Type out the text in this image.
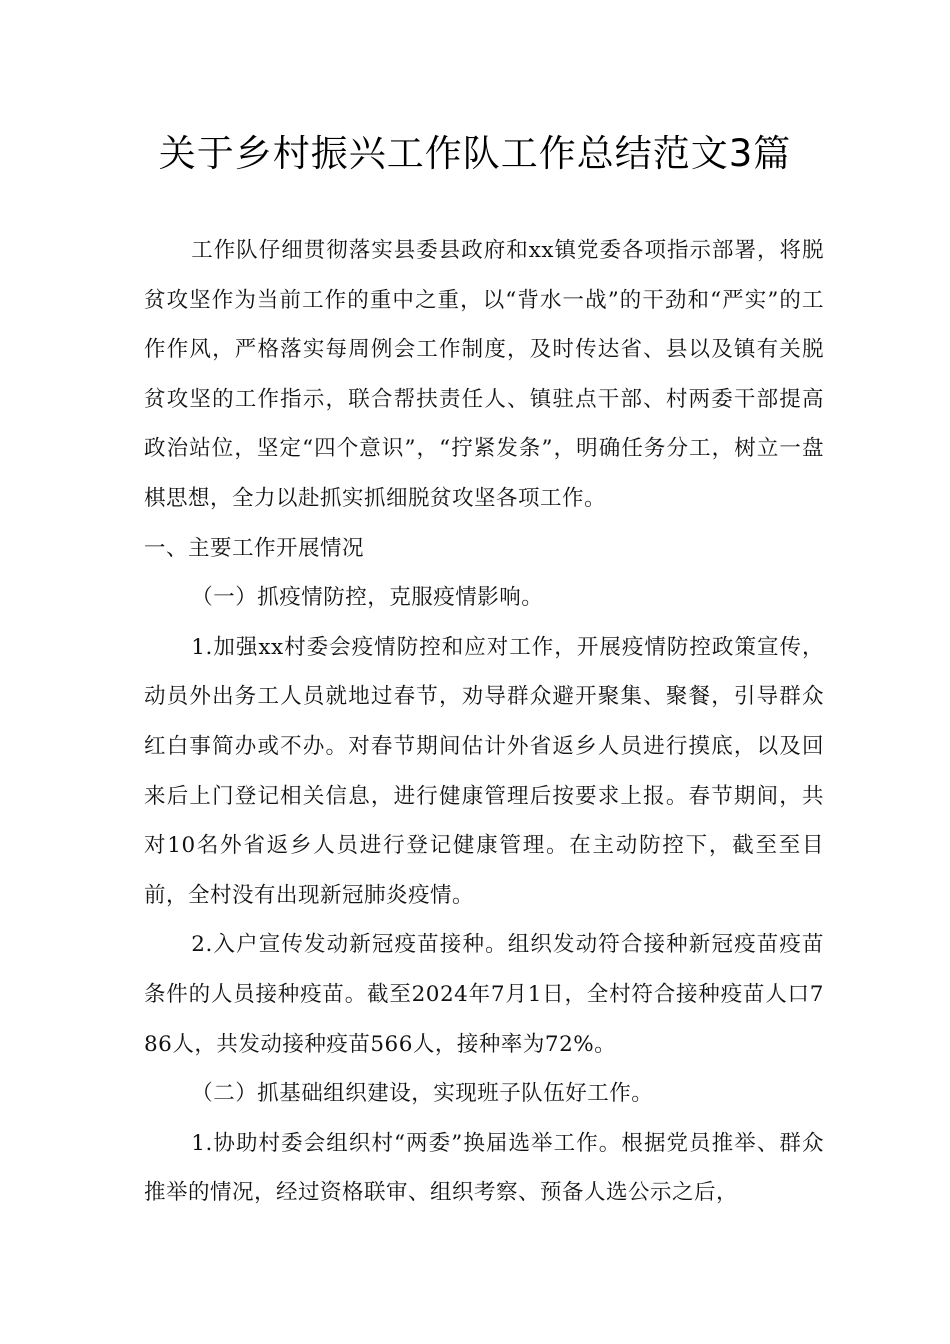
关于乡村振兴工作队工作总结范文3篇

工作队仔细贯彻落实县委县政府和xx镇党委各项指示部署，将脱贫攻坚作为当前工作的重中之重，以“背水一战”的干劲和“严实”的工作作风，严格落实每周例会工作制度，及时传达省、县以及镇有关脱贫攻坚的工作指示，联合帮扶责任人、镇驻点干部、村两委干部提高政治站位，坚定“四个意识”，“拧紧发条”，明确任务分工，树立一盘棋思想，全力以赴抓实抓细脱贫攻坚各项工作。

一、主要工作开展情况

（一）抓疫情防控，克服疫情影响。

1.加强xx村委会疫情防控和应对工作，开展疫情防控政策宣传，动员外出务工人员就地过春节，劝导群众避开聚集、聚餐，引导群众红白事简办或不办。对春节期间估计外省返乡人员进行摸底，以及回来后上门登记相关信息，进行健康管理后按要求上报。春节期间，共对10名外省返乡人员进行登记健康管理。在主动防控下，截至至目前，全村没有出现新冠肺炎疫情。

2.入户宣传发动新冠疫苗接种。组织发动符合接种新冠疫苗疫苗条件的人员接种疫苗。截至2024年7月1日，全村符合接种疫苗人口786人，共发动接种疫苗566人，接种率为72%。

（二）抓基础组织建设，实现班子队伍好工作。

1.协助村委会组织村“两委”换届选举工作。根据党员推举、群众推举的情况，经过资格联审、组织考察、预备人选公示之后，
